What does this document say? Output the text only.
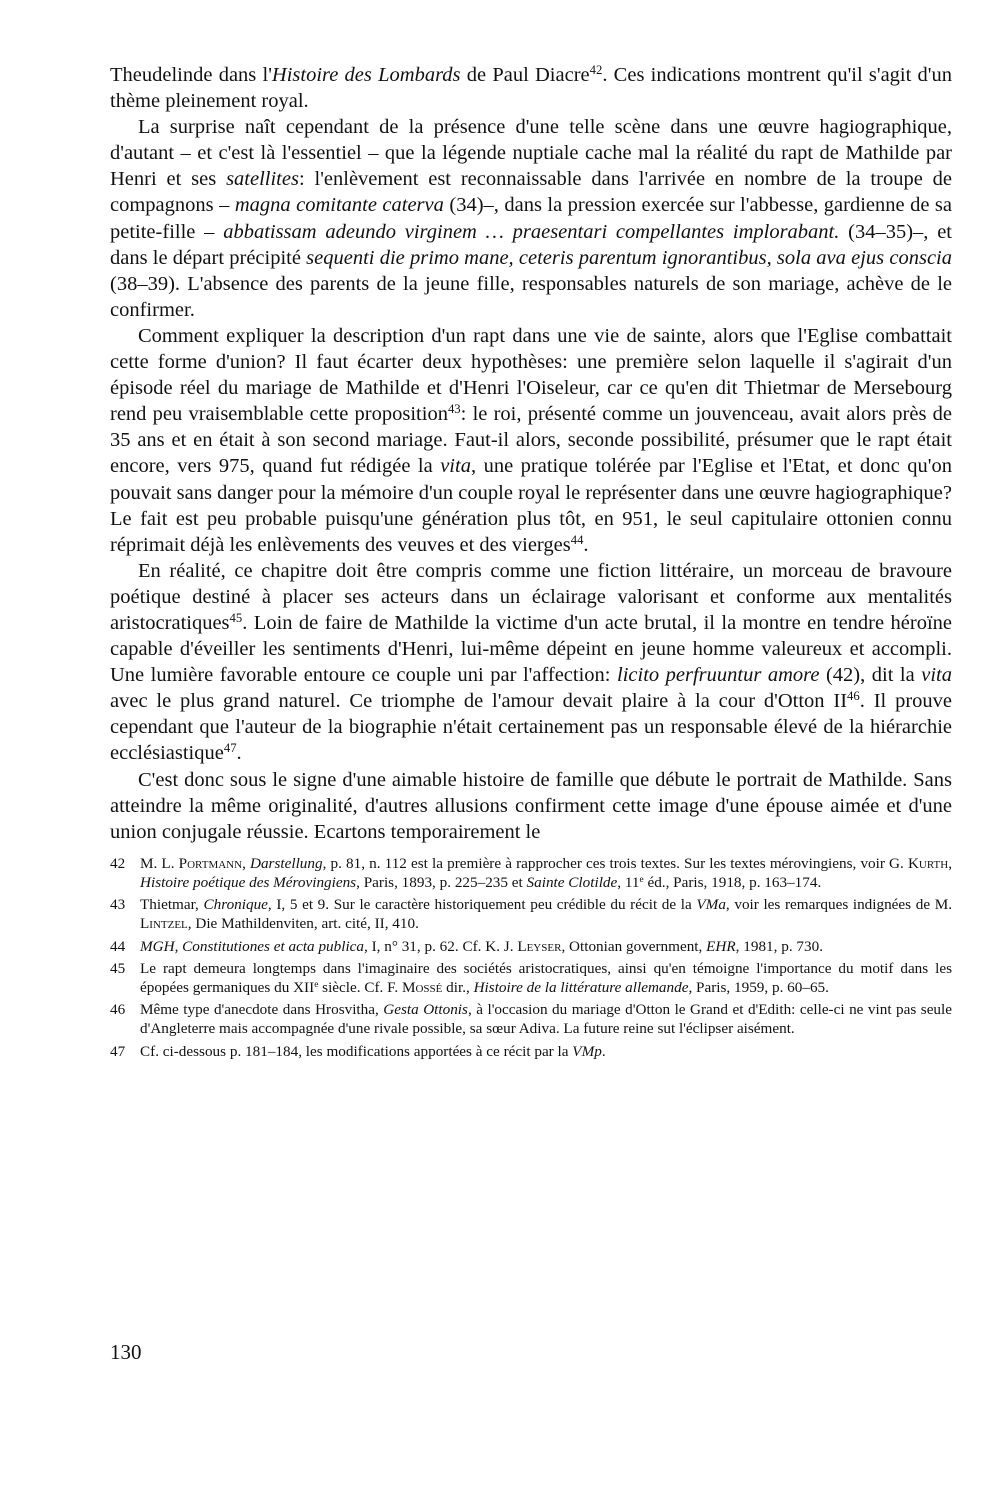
Theudelinde dans l'Histoire des Lombards de Paul Diacre$^{42}$. Ces indications montrent qu'il s'agit d'un thème pleinement royal.

La surprise naît cependant de la présence d'une telle scène dans une œuvre hagiographique, d'autant – et c'est là l'essentiel – que la légende nuptiale cache mal la réalité du rapt de Mathilde par Henri et ses satellites: l'enlèvement est reconnaissable dans l'arrivée en nombre de la troupe de compagnons – magna comitante caterva (34)–, dans la pression exercée sur l'abbesse, gardienne de sa petite-fille – abbatissam adeundo virginem … praesentari compellantes implorabant. (34–35)–, et dans le départ précipité sequenti die primo mane, ceteris parentum ignorantibus, sola ava ejus conscia (38–39). L'absence des parents de la jeune fille, responsables naturels de son mariage, achève de le confirmer.

Comment expliquer la description d'un rapt dans une vie de sainte, alors que l'Eglise combattait cette forme d'union? Il faut écarter deux hypothèses: une première selon laquelle il s'agirait d'un épisode réel du mariage de Mathilde et d'Henri l'Oiseleur, car ce qu'en dit Thietmar de Mersebourg rend peu vraisemblable cette proposition$^{43}$: le roi, présenté comme un jouvenceau, avait alors près de 35 ans et en était à son second mariage. Faut-il alors, seconde possibilité, présumer que le rapt était encore, vers 975, quand fut rédigée la vita, une pratique tolérée par l'Eglise et l'Etat, et donc qu'on pouvait sans danger pour la mémoire d'un couple royal le représenter dans une œuvre hagiographique? Le fait est peu probable puisqu'une génération plus tôt, en 951, le seul capitulaire ottonien connu réprimait déjà les enlèvements des veuves et des vierges$^{44}$.

En réalité, ce chapitre doit être compris comme une fiction littéraire, un morceau de bravoure poétique destiné à placer ses acteurs dans un éclairage valorisant et conforme aux mentalités aristocratiques$^{45}$. Loin de faire de Mathilde la victime d'un acte brutal, il la montre en tendre héroïne capable d'éveiller les sentiments d'Henri, lui-même dépeint en jeune homme valeureux et accompli. Une lumière favorable entoure ce couple uni par l'affection: licito perfruuntur amore (42), dit la vita avec le plus grand naturel. Ce triomphe de l'amour devait plaire à la cour d'Otton II$^{46}$. Il prouve cependant que l'auteur de la biographie n'était certainement pas un responsable élevé de la hiérarchie ecclésiastique$^{47}$.

C'est donc sous le signe d'une aimable histoire de famille que débute le portrait de Mathilde. Sans atteindre la même originalité, d'autres allusions confirment cette image d'une épouse aimée et d'une union conjugale réussie. Ecartons temporairement le

42 M. L. Portmann, Darstellung, p. 81, n. 112 est la première à rapprocher ces trois textes. Sur les textes mérovingiens, voir G. Kurth, Histoire poétique des Mérovingiens, Paris, 1893, p. 225–235 et Sainte Clotilde, 11e éd., Paris, 1918, p. 163–174.
43 Thietmar, Chronique, I, 5 et 9. Sur le caractère historiquement peu crédible du récit de la VMa, voir les remarques indignées de M. Lintzel, Die Mathildenviten, art. cité, II, 410.
44 MGH, Constitutiones et acta publica, I, n° 31, p. 62. Cf. K. J. Leyser, Ottonian government, EHR, 1981, p. 730.
45 Le rapt demeura longtemps dans l'imaginaire des sociétés aristocratiques, ainsi qu'en témoigne l'importance du motif dans les épopées germaniques du XIIe siècle. Cf. F. Mossé dir., Histoire de la littérature allemande, Paris, 1959, p. 60–65.
46 Même type d'anecdote dans Hrosvitha, Gesta Ottonis, à l'occasion du mariage d'Otton le Grand et d'Edith: celle-ci ne vint pas seule d'Angleterre mais accompagnée d'une rivale possible, sa sœur Adiva. La future reine sut l'éclipser aisément.
47 Cf. ci-dessous p. 181–184, les modifications apportées à ce récit par la VMp.
130
